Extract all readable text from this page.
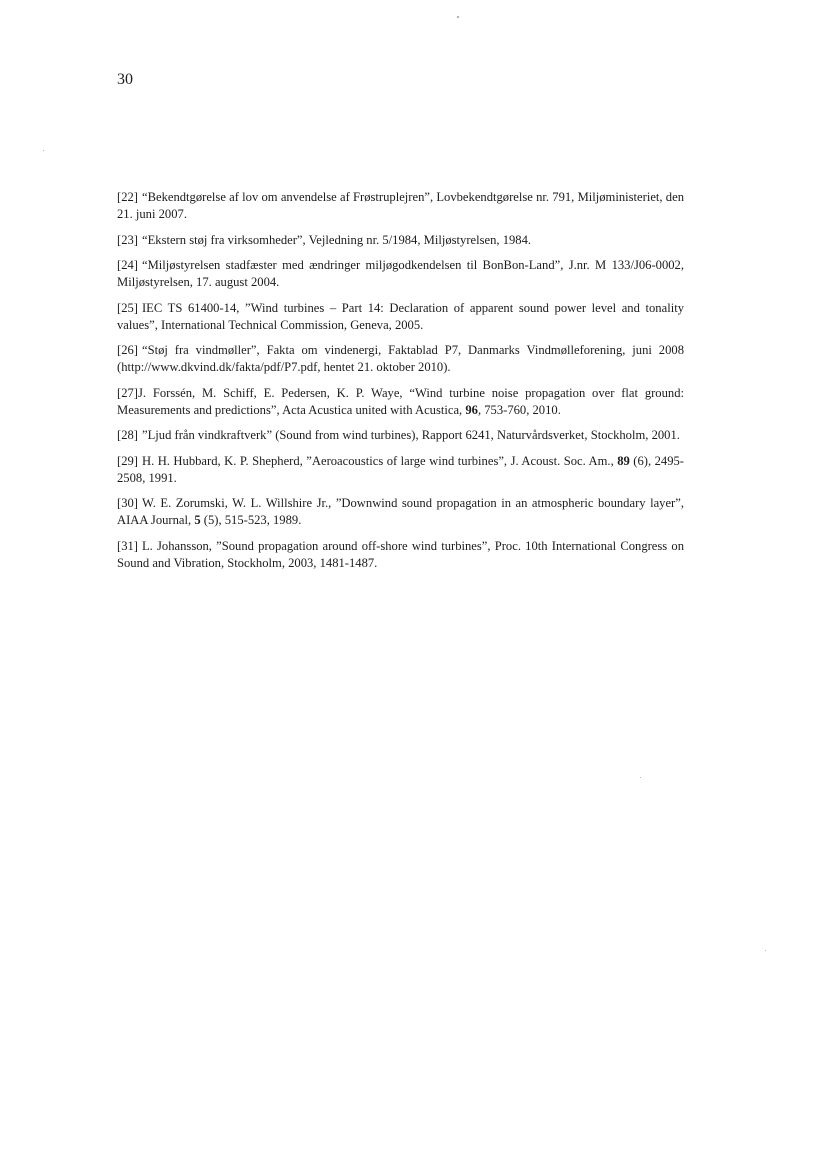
30

[22] “Bekendtgørelse af lov om anvendelse af Frøstruplejren”, Lovbekendtgørelse nr. 791, Miljøministeriet, den 21. juni 2007.

[23] “Ekstern støj fra virksomheder”, Vejledning nr. 5/1984, Miljøstyrelsen, 1984.

[24] “Miljøstyrelsen stadfæster med ændringer miljøgodkendelsen til BonBon-Land”, J.nr. M 133/J06-0002, Miljøstyrelsen, 17. august 2004.

[25] IEC TS 61400-14, ”Wind turbines – Part 14: Declaration of apparent sound power level and tonality values”, International Technical Commission, Geneva, 2005.

[26] “Støj fra vindmøller”, Fakta om vindenergi, Faktablad P7, Danmarks Vindmølleforening, juni 2008 (http://www.dkvind.dk/fakta/pdf/P7.pdf, hentet 21. oktober 2010).

[27]J. Forssén, M. Schiff, E. Pedersen, K. P. Waye, “Wind turbine noise propagation over flat ground: Measurements and predictions”, Acta Acustica united with Acustica, 96, 753-760, 2010.

[28] ”Ljud från vindkraftverk” (Sound from wind turbines), Rapport 6241, Naturvårdsverket, Stockholm, 2001.

[29] H. H. Hubbard, K. P. Shepherd, ”Aeroacoustics of large wind turbines”, J. Acoust. Soc. Am., 89 (6), 2495-2508, 1991.

[30] W. E. Zorumski, W. L. Willshire Jr., ”Downwind sound propagation in an atmospheric boundary layer”, AIAA Journal, 5 (5), 515-523, 1989.

[31] L. Johansson, ”Sound propagation around off-shore wind turbines”, Proc. 10th International Congress on Sound and Vibration, Stockholm, 2003, 1481-1487.
